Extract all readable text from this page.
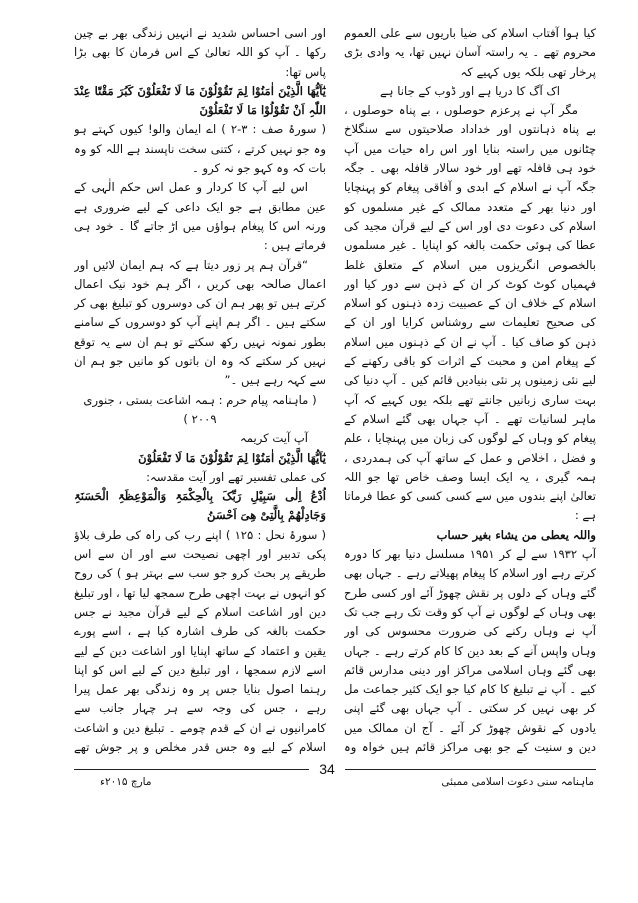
کیا ہوا آفتاب اسلام کی ضیا باریوں سے علی العموم محروم تھے ۔ یہ راستہ آسان نہیں تھا، یہ وادی بڑی پرخار تھی بلکہ یوں کہیے کہ

اک آگ کا دریا ہے اور ڈوب کے جانا ہے

مگر آپ نے پرعزم حوصلوں ، بے پناہ حوصلوں ، بے پناہ ذہانتوں اور خداداد صلاحیتوں سے سنگلاخ چٹانوں میں راستہ بنایا اور اس راہ حیات میں آپ خود ہی قافلہ تھے اور خود سالار قافلہ بھی ۔ جگہ جگہ آپ نے اسلام کے ابدی و آفاقی پیغام کو پہنچایا اور دنیا بھر کے متعدد ممالک کے غیر مسلموں کو اسلام کی دعوت دی اور اس کے لیے قرآن مجید کی عطا کی ہوئی حکمت بالغہ کو اپنایا ۔ غیر مسلموں بالخصوص انگریزوں میں اسلام کے متعلق غلط فہمیاں کوٹ کوٹ کر ان کے ذہن سے دور کیا اور اسلام کے خلاف ان کے عصبیت زدہ ذہنوں کو اسلام کی صحیح تعلیمات سے روشناس کرایا اور ان کے ذہن کو صاف کیا ۔ آپ نے ان کے ذہنوں میں اسلام کے پیغام امن و محبت کے اثرات کو باقی رکھنے کے لیے نئی زمینوں پر نئی بنیادیں قائم کیں ۔ آپ دنیا کی بہت ساری زبانیں جانتے تھے بلکہ یوں کہیے کہ آپ ماہر لسانیات تھے ۔ آپ جہاں بھی گئے اسلام کے پیغام کو وہاں کے لوگوں کی زبان میں پہنچایا ، علم و فضل ، اخلاص و عمل کے ساتھ آپ کی ہمدردی ، ہمہ گیری ، یہ ایک ایسا وصف خاص تھا جو اللہ تعالیٰ اپنے بندوں میں سے کسی کسی کو عطا فرماتا ہے :

واللہ یعطی من یشاء بغیر حساب

آپ ۱۹۳۲ سے لے کر ۱۹۵۱ مسلسل دنیا بھر کا دورہ کرتے رہے اور اسلام کا پیغام پھیلاتے رہے ۔ جہاں بھی گئے وہاں کے دلوں پر نقش چھوڑ آئے اور کسی طرح بھی وہاں کے لوگوں نے آپ کو وقت تک رہے جب تک آپ نے وہاں رکنے کی ضرورت محسوس کی اور وہاں واپس آنے کے بعد دین کا کام کرتے رہے ۔ جہاں بھی گئے وہاں اسلامی مراکز اور دینی مدارس قائم کیے ۔ آپ نے تبلیغ کا کام کیا جو ایک کثیر جماعت مل کر بھی نہیں کر سکتی ۔ آپ جہاں بھی گئے اپنی یادوں کے نقوش چھوڑ کر آئے ۔ آج ان ممالک میں دین و سنیت کے جو بھی مراکز قائم ہیں خواہ وہ

اور اسی احساس شدید نے انہیں زندگی بھر بے چین رکھا ۔ آپ کو اللہ تعالیٰ کے اس فرمان کا بھی بڑا پاس تھا:

یٰٓاَیُّھَا الَّذِیْنَ اٰمَنُوْا لِمَ تَقُوْلُوْنَ مَا لَا تَفْعَلُوْنَ کَبُرَ مَقْتًا عِنْدَ اللّٰہِ اَنْ تَقُوْلُوْا مَا لَا تَفْعَلُوْنَ

( سورۂ صف : ۳-۲ ) اے ایمان والو! کیوں کہتے ہو وہ جو نہیں کرتے ، کتنی سخت ناپسند ہے اللہ کو وہ بات کہ وہ کہو جو نہ کرو ۔

اس لیے آپ کا کردار و عمل اس حکم الٰہی کے عین مطابق ہے جو ایک داعی کے لیے ضروری ہے ورنہ اس کا پیغام ہواؤں میں اڑ جاتے گا ۔ خود ہی فرماتے ہیں :

“قرآن ہم پر زور دیتا ہے کہ ہم ایمان لائیں اور اعمال صالحہ بھی کریں ، اگر ہم خود نیک اعمال کرتے ہیں تو پھر ہم ان کی دوسروں کو تبلیغ بھی کر سکتے ہیں ۔ اگر ہم اپنے آپ کو دوسروں کے سامنے بطور نمونہ نہیں رکھ سکتے تو ہم ان سے یہ توقع نہیں کر سکتے کہ وہ ان باتوں کو مانیں جو ہم ان سے کہہ رہے ہیں ۔”

( ماہنامہ پیام حرم : ہمہ اشاعت بستی ، جنوری ۲۰۰۹ )

آپ آیت کریمہ

یٰٓاَیُّھَا الَّذِیْنَ اٰمَنُوْا لِمَ تَقُوْلُوْنَ مَا لَا تَفْعَلُوْنَ

کی عملی تفسیر تھے اور آیت مقدسہ:

اُدْعُ اِلٰی سَبِیْلِ رَبِّکَ بِالْحِکْمَۃِ وَالْمَوْعِظَۃِ الْحَسَنَۃِ وَجَادِلْھُمْ بِالَّتِیْ ھِیَ اَحْسَنُ

( سورۂ نحل : ۱۲۵ ) اپنے رب کی راہ کی طرف بلاؤ پکی تدبیر اور اچھی نصیحت سے اور ان سے اس طریقے پر بحث کرو جو سب سے بہتر ہو ) کی روح کو انہوں نے بہت اچھی طرح سمجھ لیا تھا ، اور تبلیغ دین اور اشاعت اسلام کے لیے قرآن مجید نے جس حکمت بالغہ کی طرف اشارہ کیا ہے ، اسے پورے یقین و اعتماد کے ساتھ اپنایا اور اشاعت دین کے لیے اسے لازم سمجھا ، اور تبلیغ دین کے لیے اس کو اپنا رہنما اصول بنایا جس پر وہ زندگی بھر عمل پیرا رہے ، جس کی وجہ سے ہر چہار جانب سے کامرانیوں نے ان کے قدم چومے ۔ تبلیغ دین و اشاعت اسلام کے لیے وہ جس قدر مخلص و پر جوش تھے

34
ماہنامہ سنی دعوت اسلامی ممبئی
مارچ ۲۰۱۵ء
